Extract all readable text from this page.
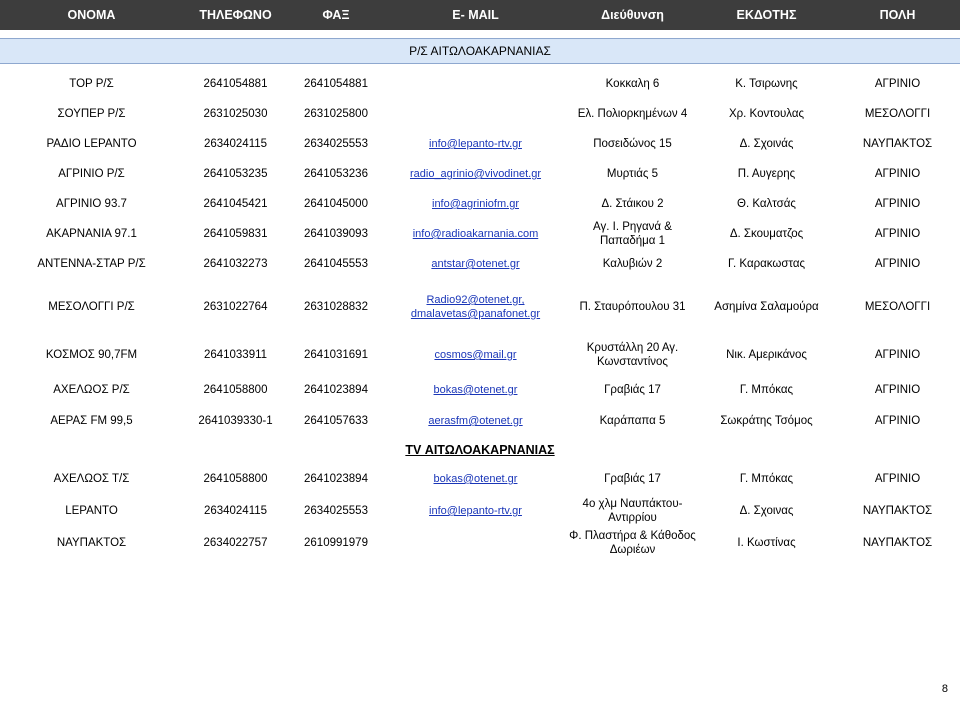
ΟΝΟΜΑ	ΤΗΛΕΦΩΝΟ	ΦΑΞ	E- MAIL	Διεύθυνση	ΕΚΔΟΤΗΣ	ΠΟΛΗ

Ρ/Σ ΑΙΤΩΛΟΑΚΑΡΝΑΝΙΑΣ						

ΤΟΡ Ρ/Σ	2641054881	2641054881		Κοκκαλη 6	Κ. Τσιρωνης	ΑΓΡΙΝΙΟ
ΣΟΥΠΕΡ Ρ/Σ	2631025030	2631025800		Ελ. Πολιορκημένων 4	Χρ. Κοντουλας	ΜΕΣΟΛΟΓΓΙ
ΡΑΔΙΟ LEPANTO	2634024115	2634025553	info@lepanto-rtv.gr	Ποσειδώνος 15	Δ. Σχοινάς	ΝΑΥΠΑΚΤΟΣ
ΑΓΡΙΝΙΟ Ρ/Σ	2641053235	2641053236	radio_agrinio@vivodinet.gr	Μυρτιάς 5	Π. Αυγερης	ΑΓΡΙΝΙΟ
ΑΓΡΙΝΙΟ 93.7	2641045421	2641045000	info@agriniofm.gr	Δ. Στάικου 2	Θ. Καλτσάς	ΑΓΡΙΝΙΟ
ΑΚΑΡΝΑΝΙΑ 97.1	2641059831	2641039093	info@radioakarnania.com	Αγ. Ι. Ρηγανά & Παπαδήμα 1	Δ. Σκουματζος	ΑΓΡΙΝΙΟ
ΑΝΤΕΝΝΑ-ΣΤΑΡ Ρ/Σ	2641032273	2641045553	antstar@otenet.gr	Καλυβιών 2	Γ. Καρακωστας	ΑΓΡΙΝΙΟ
ΜΕΣΟΛΟΓΓΙ Ρ/Σ	2631022764	2631028832	Radio92@otenet.gr, dmalavetas@panafonet.gr	Π. Σταυρόπουλου 31	Ασημίνα Σαλαμούρα	ΜΕΣΟΛΟΓΓΙ
ΚΟΣΜΟΣ 90,7FM	2641033911	2641031691	cosmos@mail.gr	Κρυστάλλη 20 Αγ. Κωνσταντίνος	Νικ. Αμερικάνος	ΑΓΡΙΝΙΟ
ΑΧΕΛΩΟΣ Ρ/Σ	2641058800	2641023894	bokas@otenet.gr	Γραβιάς 17	Γ. Μπόκας	ΑΓΡΙΝΙΟ
ΑΕΡΑΣ FM 99,5	2641039330-1	2641057633	aerasfm@otenet.gr	Καράπαπα 5	Σωκράτης Τσόμος	ΑΓΡΙΝΙΟ
TV ΑΙΤΩΛΟΑΚΑΡΝΑΝΙΑΣ						
ΑΧΕΛΩΟΣ Τ/Σ	2641058800	2641023894	bokas@otenet.gr	Γραβιάς 17	Γ. Μπόκας	ΑΓΡΙΝΙΟ
LEPANTO	2634024115	2634025553	info@lepanto-rtv.gr	4ο χλμ Ναυπάκτου-Αντιρρίου	Δ. Σχοινας	ΝΑΥΠΑΚΤΟΣ
ΝΑΥΠΑΚΤΟΣ	2634022757	2610991979		Φ. Πλαστήρα & Κάθοδος Δωριέων	Ι. Κωστίνας	ΝΑΥΠΑΚΤΟΣ
8
